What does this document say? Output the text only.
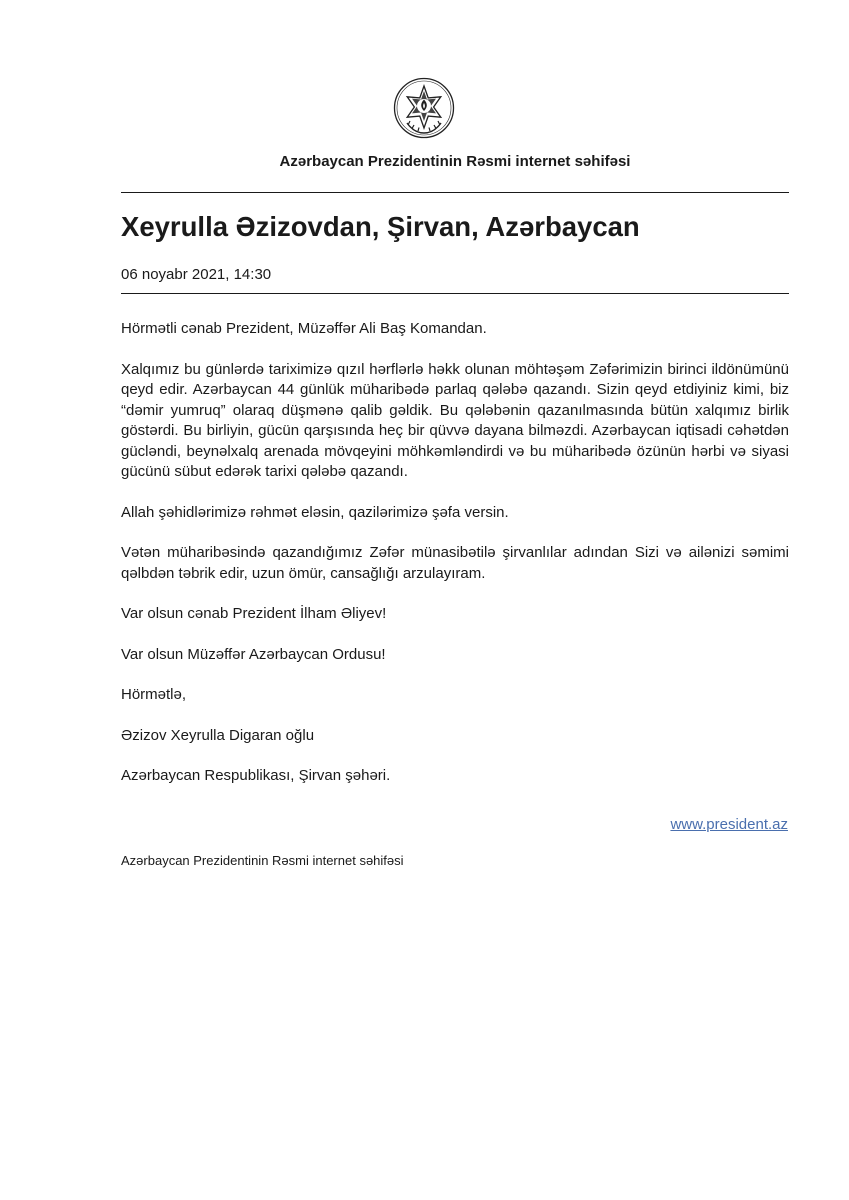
Azərbaycan Prezidentinin Rəsmi internet səhifəsi
Xeyrulla Əzizovdan, Şirvan, Azərbaycan
06 noyabr 2021, 14:30

Hörmətli cənab Prezident, Müzəffər Ali Baş Komandan.

Xalqımız bu günlərdə tariximizə qızıl hərflərlə həkk olunan möhtəşəm Zəfərimizin birinci ildönümünü qeyd edir. Azərbaycan 44 günlük müharibədə parlaq qələbə qazandı. Sizin qeyd etdiyiniz kimi, biz “dəmir yumruq” olaraq düşmənə qalib gəldik. Bu qələbənin qazanılmasında bütün xalqımız birlik göstərdi. Bu birliyin, gücün qarşısında heç bir qüvvə dayana bilməzdi. Azərbaycan iqtisadi cəhətdən gücləndi, beynəlxalq arenada mövqeyini möhkəmləndirdi və bu müharibədə özünün hərbi və siyasi gücünü sübut edərək tarixi qələbə qazandı.

Allah şəhidlərimizə rəhmət eləsin, qazilərimizə şəfa versin.

Vətən müharibəsində qazandığımız Zəfər münasibətilə şirvanlılar adından Sizi və ailənizi səmimi qəlbdən təbrik edir, uzun ömür, cansağlığı arzulayıram.

Var olsun cənab Prezident İlham Əliyev!

Var olsun Müzəffər Azərbaycan Ordusu!

Hörmətlə,

Əzizov Xeyrulla Digaran oğlu

Azərbaycan Respublikası, Şirvan şəhəri.

www.president.az
Azərbaycan Prezidentinin Rəsmi internet səhifəsi
